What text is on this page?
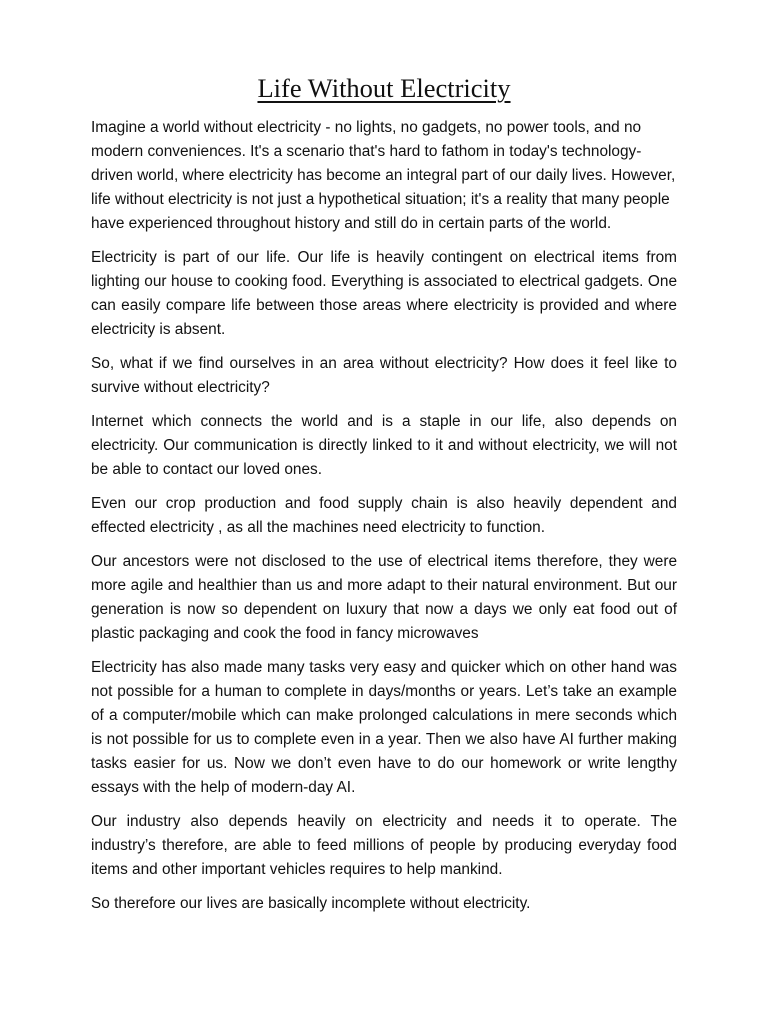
Life Without Electricity

Imagine a world without electricity - no lights, no gadgets, no power tools, and no modern conveniences. It's a scenario that's hard to fathom in today's technology-driven world, where electricity has become an integral part of our daily lives. However, life without electricity is not just a hypothetical situation; it's a reality that many people have experienced throughout history and still do in certain parts of the world.

Electricity is part of our life. Our life is heavily contingent on electrical items from lighting our house to cooking food. Everything is associated to electrical gadgets. One can easily compare life between those areas where electricity is provided and where electricity is absent.

So, what if we find ourselves in an area without electricity? How does it feel like to survive without electricity?

Internet which connects the world and is a staple in our life, also depends on electricity. Our communication is directly linked to it and without electricity, we will not be able to contact our loved ones.

Even our crop production and food supply chain is also heavily dependent and effected electricity , as all the machines need electricity to function.

Our ancestors were not disclosed to the use of electrical items therefore, they were more agile and healthier than us and more adapt to their natural environment. But our generation is now so dependent on luxury that now a days we only eat food out of plastic packaging and cook the food in fancy microwaves

Electricity has also made many tasks very easy and quicker which on other hand was not possible for a human to complete in days/months or years. Let’s take an example of a computer/mobile which can make prolonged calculations in mere seconds which is not possible for us to complete even in a year. Then we also have AI further making tasks easier for us. Now we don’t even have to do our homework or write lengthy essays with the help of modern-day AI.

Our industry also depends heavily on electricity and needs it to operate. The industry’s therefore, are able to feed millions of people by producing everyday food items and other important vehicles requires to help mankind.

So therefore our lives are basically incomplete without electricity.
